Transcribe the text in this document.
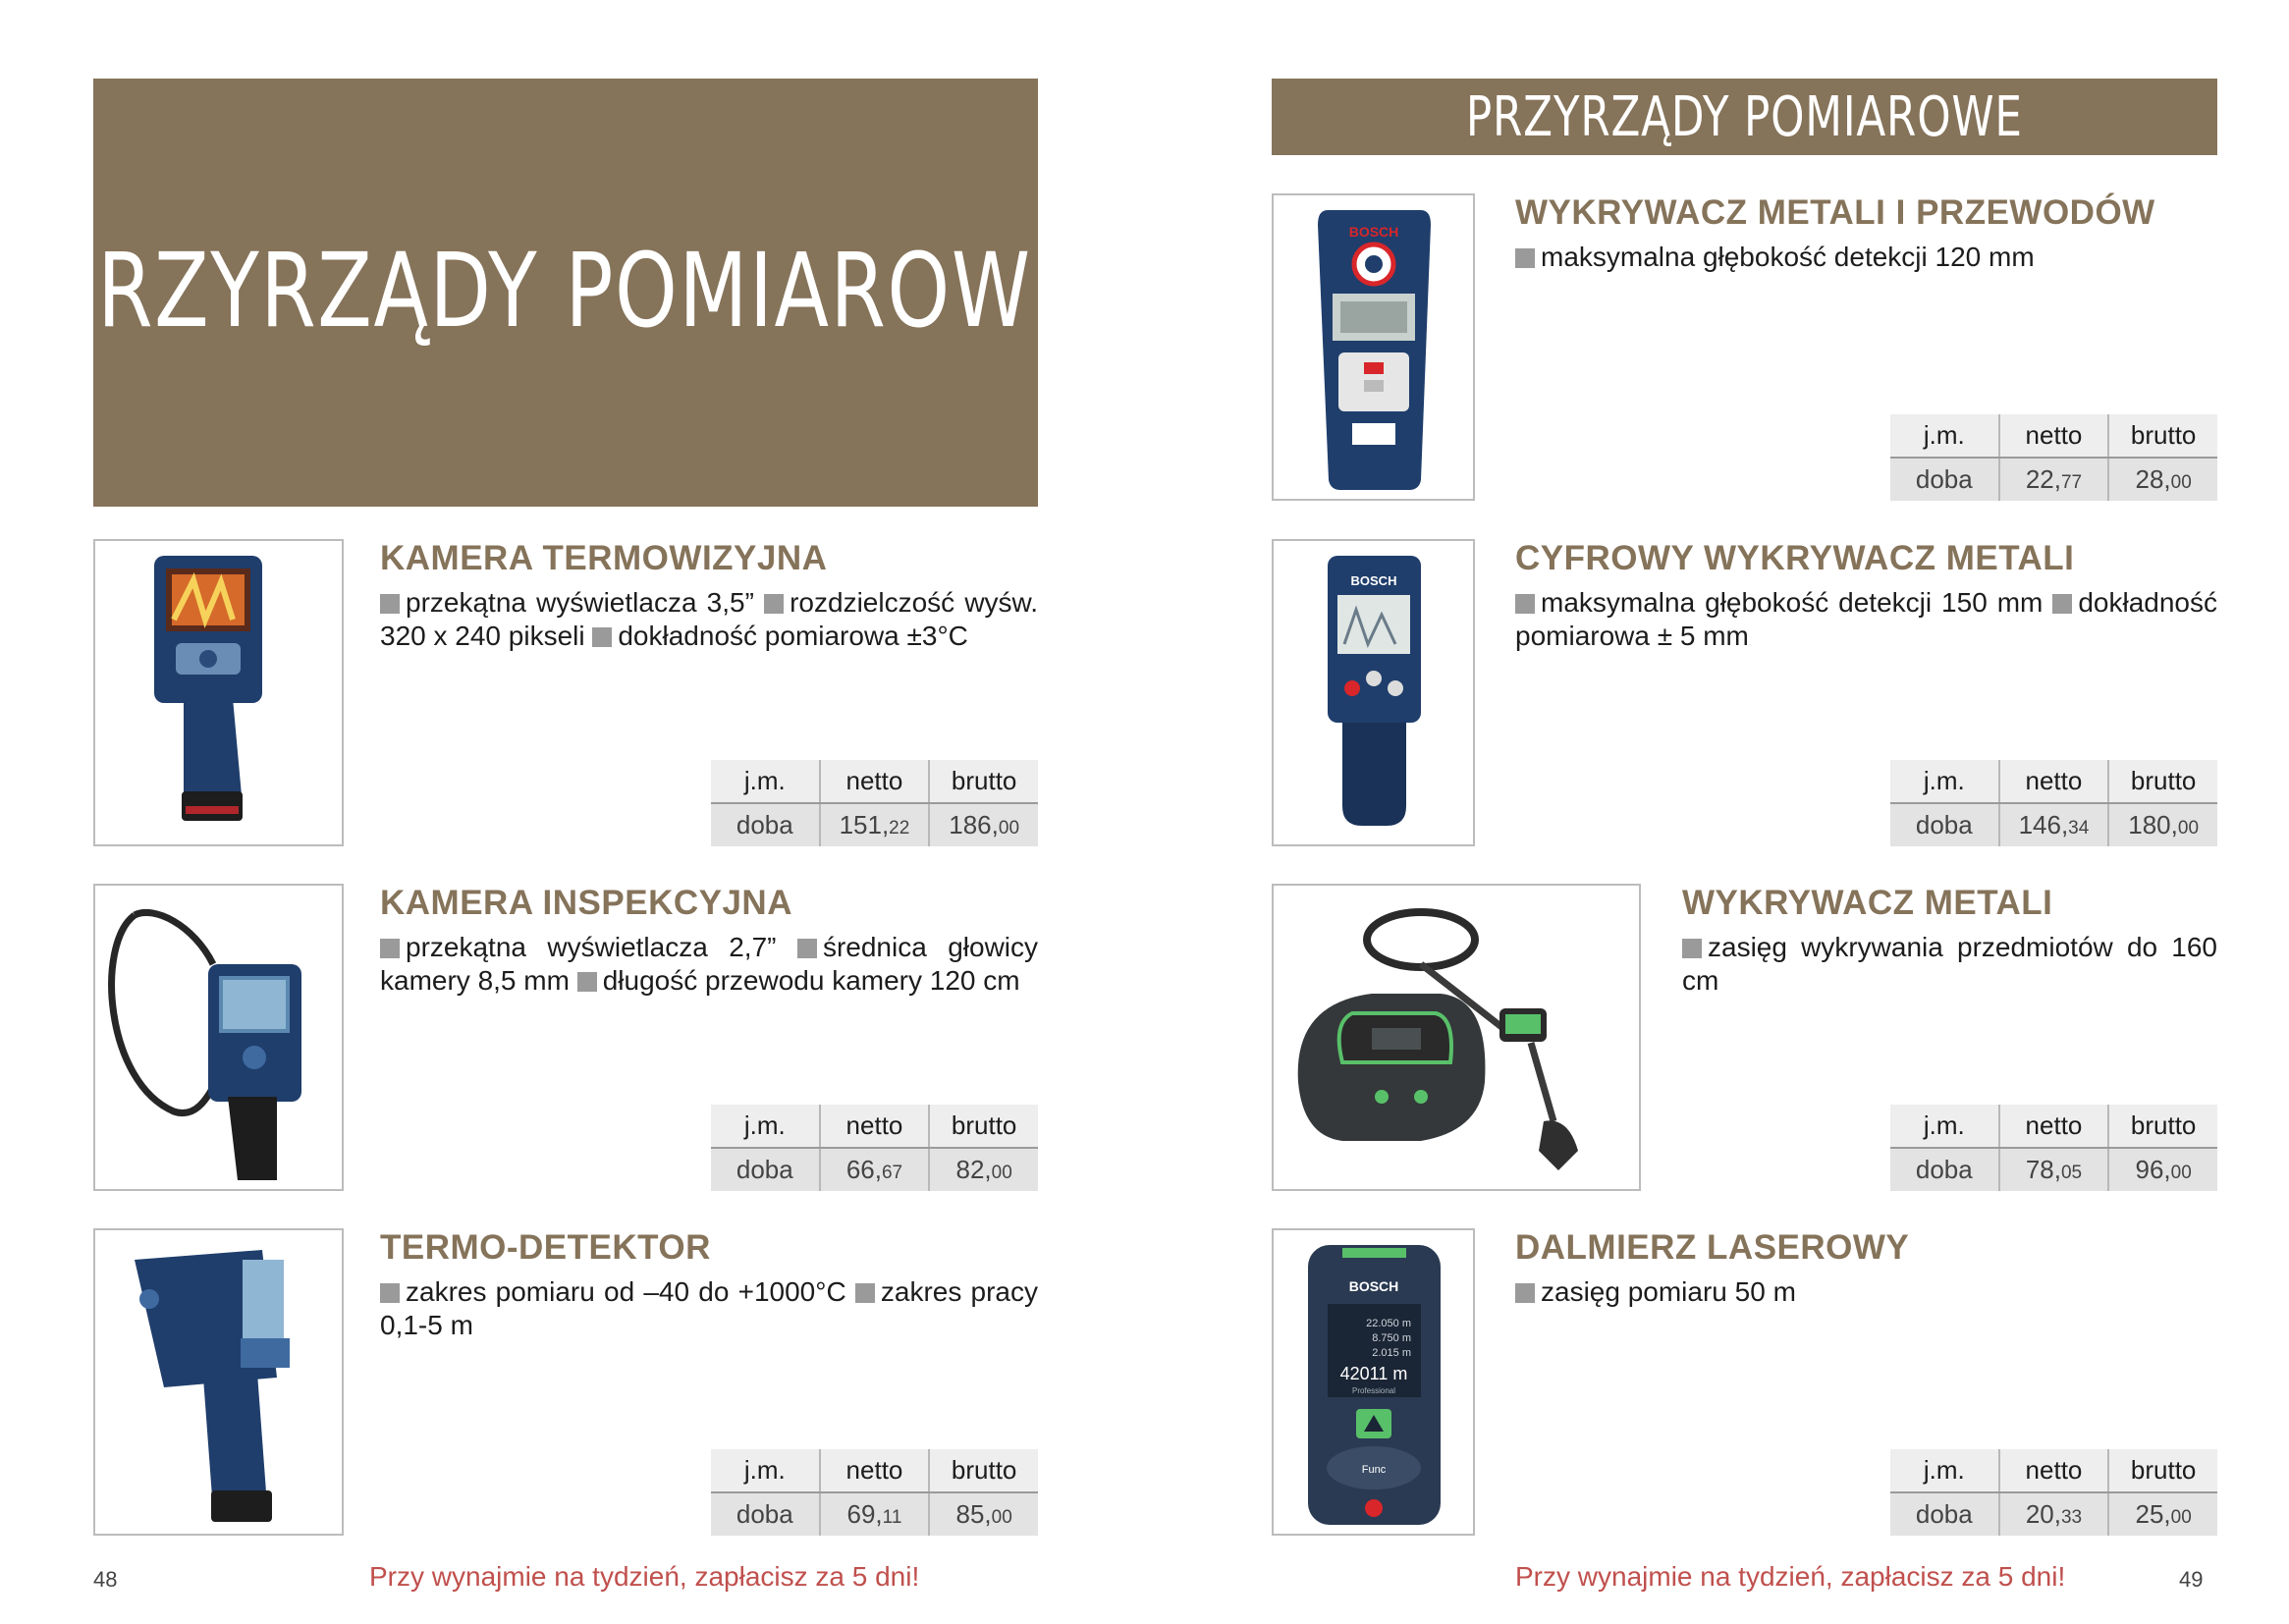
PRZYRZĄDY POMIAROWE
KAMERA TERMOWIZYJNA

przekątna wyświetlacza 3,5” rozdzielczość wyśw. 320 x 240 pikseli dokładność pomiarowa ±3°C

j.m.	netto	brutto
doba	151,22	186,00
KAMERA INSPEKCYJNA

przekątna wyświetlacza 2,7” średnica głowicy kamery 8,5 mm długość przewodu kamery 120 cm

j.m.	netto	brutto
doba	66,67	82,00
TERMO-DETEKTOR

zakres pomiaru od –40 do +1000°C zakres pracy 0,1-5 m

j.m.	netto	brutto
doba	69,11	85,00
48	Przy wynajmie na tydzień, zapłacisz za 5 dni!
PRZYRZĄDY POMIAROWE
BOSCH	WYKRYWACZ METALI I PRZEWODÓW

maksymalna głębokość detekcji 120 mm

j.m.	netto	brutto
doba	22,77	28,00
BOSCH
CYFROWY WYKRYWACZ METALI

maksymalna głębokość detekcji 150 mm dokładność pomiarowa ± 5 mm

j.m.	netto	brutto
doba	146,34	180,00
WYKRYWACZ METALI

zasięg wykrywania przedmiotów do 160 cm

j.m.	netto	brutto
doba	78,05	96,00
BOSCH
22.050 m
8.750 m
2.015 m
42011 m
Professional
Func
DALMIERZ LASEROWY

zasięg pomiaru 50 m

j.m.	netto	brutto
doba	20,33	25,00
Przy wynajmie na tydzień, zapłacisz za 5 dni!	49
